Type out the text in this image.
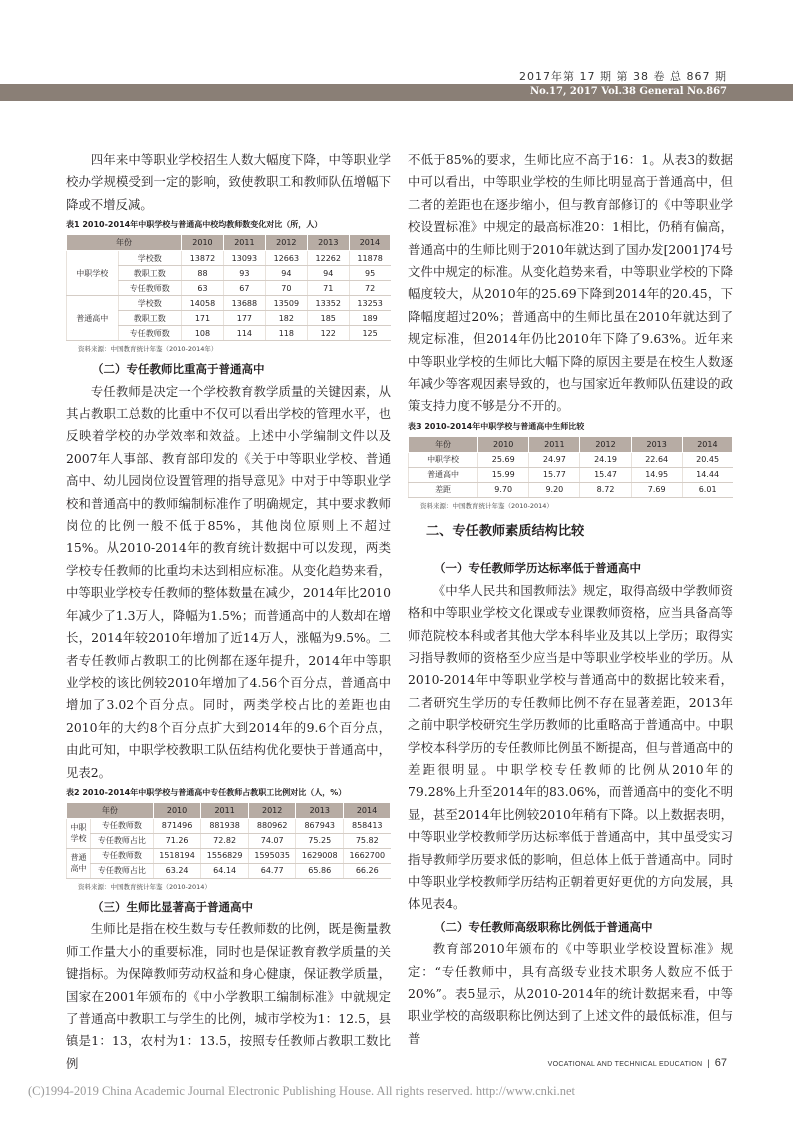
2017年第 17 期 第 38 卷 总 867 期
No.17, 2017 Vol.38 General No.867

四年来中等职业学校招生人数大幅度下降，中等职业学校办学规模受到一定的影响，致使教职工和教师队伍增幅下降或不增反减。

表1 2010-2014年中职学校与普通高中校均教师数变化对比（所，人）
年份		2010	2011	2012	2013	2014
中职学校	学校数	13872	13093	12663	12262	11878
	教职工数	88	93	94	94	95
	专任教师数	63	67	70	71	72
普通高中	学校数	14058	13688	13509	13352	13253
	教职工数	171	177	182	185	189
	专任教师数	108	114	118	122	125
资料来源：中国教育统计年鉴（2010-2014年）
（二）专任教师比重高于普通高中

专任教师是决定一个学校教育教学质量的关键因素，从其占教职工总数的比重中不仅可以看出学校的管理水平，也反映着学校的办学效率和效益。上述中小学编制文件以及2007年人事部、教育部印发的《关于中等职业学校、普通高中、幼儿园岗位设置管理的指导意见》中对于中等职业学校和普通高中的教师编制标准作了明确规定，其中要求教师岗位的比例一般不低于85%，其他岗位原则上不超过15%。从2010-2014年的教育统计数据中可以发现，两类学校专任教师的比重均未达到相应标准。从变化趋势来看，中等职业学校专任教师的整体数量在减少，2014年比2010年减少了1.3万人，降幅为1.5%；而普通高中的人数却在增长，2014年较2010年增加了近14万人，涨幅为9.5%。二者专任教师占教职工的比例都在逐年提升，2014年中等职业学校的该比例较2010年增加了4.56个百分点，普通高中增加了3.02个百分点。同时，两类学校占比的差距也由2010年的大约8个百分点扩大到2014年的9.6个百分点，由此可知，中职学校教职工队伍结构优化要快于普通高中，见表2。

表2 2010-2014年中职学校与普通高中专任教师占教职工比例对比（人，%）
年份		2010	2011	2012	2013	2014
中职学校	专任教师数	871496	881938	880962	867943	858413
	专任教师占比	71.26	72.82	74.07	75.25	75.82
普通高中	专任教师数	1518194	1556829	1595035	1629008	1662700
	专任教师占比	63.24	64.14	64.77	65.86	66.26
资料来源：中国教育统计年鉴（2010-2014）
（三）生师比显著高于普通高中

生师比是指在校生数与专任教师数的比例，既是衡量教师工作量大小的重要标准，同时也是保证教育教学质量的关键指标。为保障教师劳动权益和身心健康，保证教学质量，国家在2001年颁布的《中小学教职工编制标准》中就规定了普通高中教职工与学生的比例，城市学校为1：12.5，县镇是1：13，农村为1：13.5，按照专任教师占教职工数比例

不低于85%的要求，生师比应不高于16：1。从表3的数据中可以看出，中等职业学校的生师比明显高于普通高中，但二者的差距也在逐步缩小，但与教育部修订的《中等职业学校设置标准》中规定的最高标准20：1相比，仍稍有偏高，普通高中的生师比则于2010年就达到了国办发[2001]74号文件中规定的标准。从变化趋势来看，中等职业学校的下降幅度较大，从2010年的25.69下降到2014年的20.45，下降幅度超过20%；普通高中的生师比虽在2010年就达到了规定标准，但2014年仍比2010年下降了9.63%。近年来中等职业学校的生师比大幅下降的原因主要是在校生人数逐年减少等客观因素导致的，也与国家近年教师队伍建设的政策支持力度不够是分不开的。

表3 2010-2014年中职学校与普通高中生师比较
年份	2010	2011	2012	2013	2014
中职学校	25.69	24.97	24.19	22.64	20.45
普通高中	15.99	15.77	15.47	14.95	14.44
差距	9.70	9.20	8.72	7.69	6.01
资料来源：中国教育统计年鉴（2010-2014）
二、专任教师素质结构比较
（一）专任教师学历达标率低于普通高中

《中华人民共和国教师法》规定，取得高级中学教师资格和中等职业学校文化课或专业课教师资格，应当具备高等师范院校本科或者其他大学本科毕业及其以上学历；取得实习指导教师的资格至少应当是中等职业学校毕业的学历。从2010-2014年中等职业学校与普通高中的数据比较来看，二者研究生学历的专任教师比例不存在显著差距，2013年之前中职学校研究生学历教师的比重略高于普通高中。中职学校本科学历的专任教师比例虽不断提高，但与普通高中的差距很明显。中职学校专任教师的比例从2010年的79.28%上升至2014年的83.06%，而普通高中的变化不明显，甚至2014年比例较2010年稍有下降。以上数据表明，中等职业学校教师学历达标率低于普通高中，其中虽受实习指导教师学历要求低的影响，但总体上低于普通高中。同时中等职业学校教师学历结构正朝着更好更优的方向发展，具体见表4。

（二）专任教师高级职称比例低于普通高中

教育部2010年颁布的《中等职业学校设置标准》规定：“专任教师中，具有高级专业技术职务人数应不低于20%”。表5显示，从2010-2014年的统计数据来看，中等职业学校的高级职称比例达到了上述文件的最低标准，但与普

VOCATIONAL AND TECHNICAL EDUCATION | 67
(C)1994-2019 China Academic Journal Electronic Publishing House. All rights reserved. http://www.cnki.net
